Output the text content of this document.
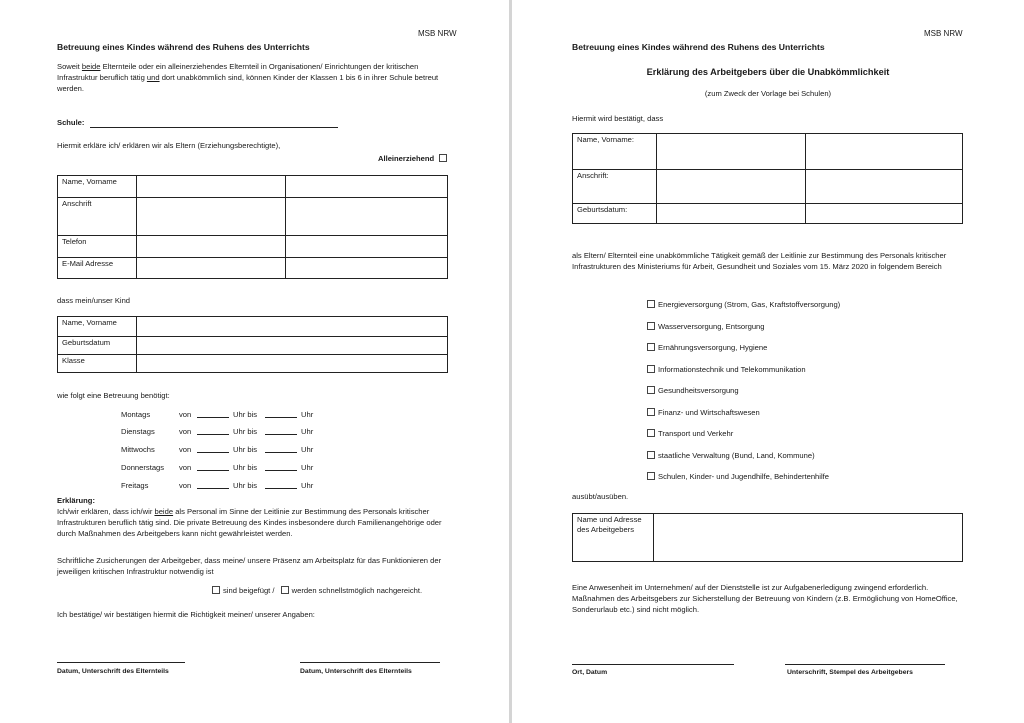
MSB NRW
Betreuung eines Kindes während des Ruhens des Unterrichts
Soweit beide Elternteile oder ein alleinerziehendes Elternteil in Organisationen/ Einrichtungen der kritischen Infrastruktur beruflich tätig und dort unabkömmlich sind, können Kinder der Klassen 1 bis 6 in ihrer Schule betreut werden.
Schule:
Hiermit erkläre ich/ erklären wir als Eltern (Erziehungsberechtigte),
Alleinerziehend
Name, Vorname		
Anschrift		
Telefon		
E-Mail Adresse		
dass mein/unser Kind
Name, Vorname	
Geburtsdatum	
Klasse	
wie folgt eine Betreuung benötigt:
Montags	von		Uhr bis		Uhr
Dienstags	von		Uhr bis		Uhr
Mittwochs	von		Uhr bis		Uhr
Donnerstags	von		Uhr bis		Uhr
Freitags	von		Uhr bis		Uhr
Erklärung:
Ich/wir erklären, dass ich/wir beide als Personal im Sinne der Leitlinie zur Bestimmung des Personals kritischer Infrastrukturen beruflich tätig sind. Die private Betreuung des Kindes insbesondere durch Familienangehörige oder durch Maßnahmen des Arbeitgebers kann nicht gewährleistet werden.
Schriftliche Zusicherungen der Arbeitgeber, dass meine/ unsere Präsenz am Arbeitsplatz für das Funktionieren der jeweiligen kritischen Infrastruktur notwendig ist
sind beigefügt / werden schnellstmöglich nachgereicht.
Ich bestätige/ wir bestätigen hiermit die Richtigkeit meiner/ unserer Angaben:
Datum, Unterschrift des Elternteils	Datum, Unterschrift des Elternteils
MSB NRW
Betreuung eines Kindes während des Ruhens des Unterrichts
Erklärung des Arbeitgebers über die Unabkömmlichkeit
(zum Zweck der Vorlage bei Schulen)
Hiermit wird bestätigt, dass
Name, Vorname:		
Anschrift:		
Geburtsdatum:		
als Eltern/ Elternteil eine unabkömmliche Tätigkeit gemäß der Leitlinie zur Bestimmung des Personals kritischer Infrastrukturen des Ministeriums für Arbeit, Gesundheit und Soziales vom 15. März 2020 in folgendem Bereich
Energieversorgung (Strom, Gas, Kraftstoffversorgung)
Wasserversorgung, Entsorgung
Ernährungsversorgung, Hygiene
Informationstechnik und Telekommunikation
Gesundheitsversorgung
Finanz- und Wirtschaftswesen
Transport und Verkehr
staatliche Verwaltung (Bund, Land, Kommune)
Schulen, Kinder- und Jugendhilfe, Behindertenhilfe
ausübt/ausüben.
Name und Adresse des Arbeitgebers	
Eine Anwesenheit im Unternehmen/ auf der Dienststelle ist zur Aufgabenerledigung zwingend erforderlich. Maßnahmen des Arbeitsgebers zur Sicherstellung der Betreuung von Kindern (z.B. Ermöglichung von HomeOffice, Sonderurlaub etc.) sind nicht möglich.
Ort, Datum	Unterschrift, Stempel des Arbeitgebers
